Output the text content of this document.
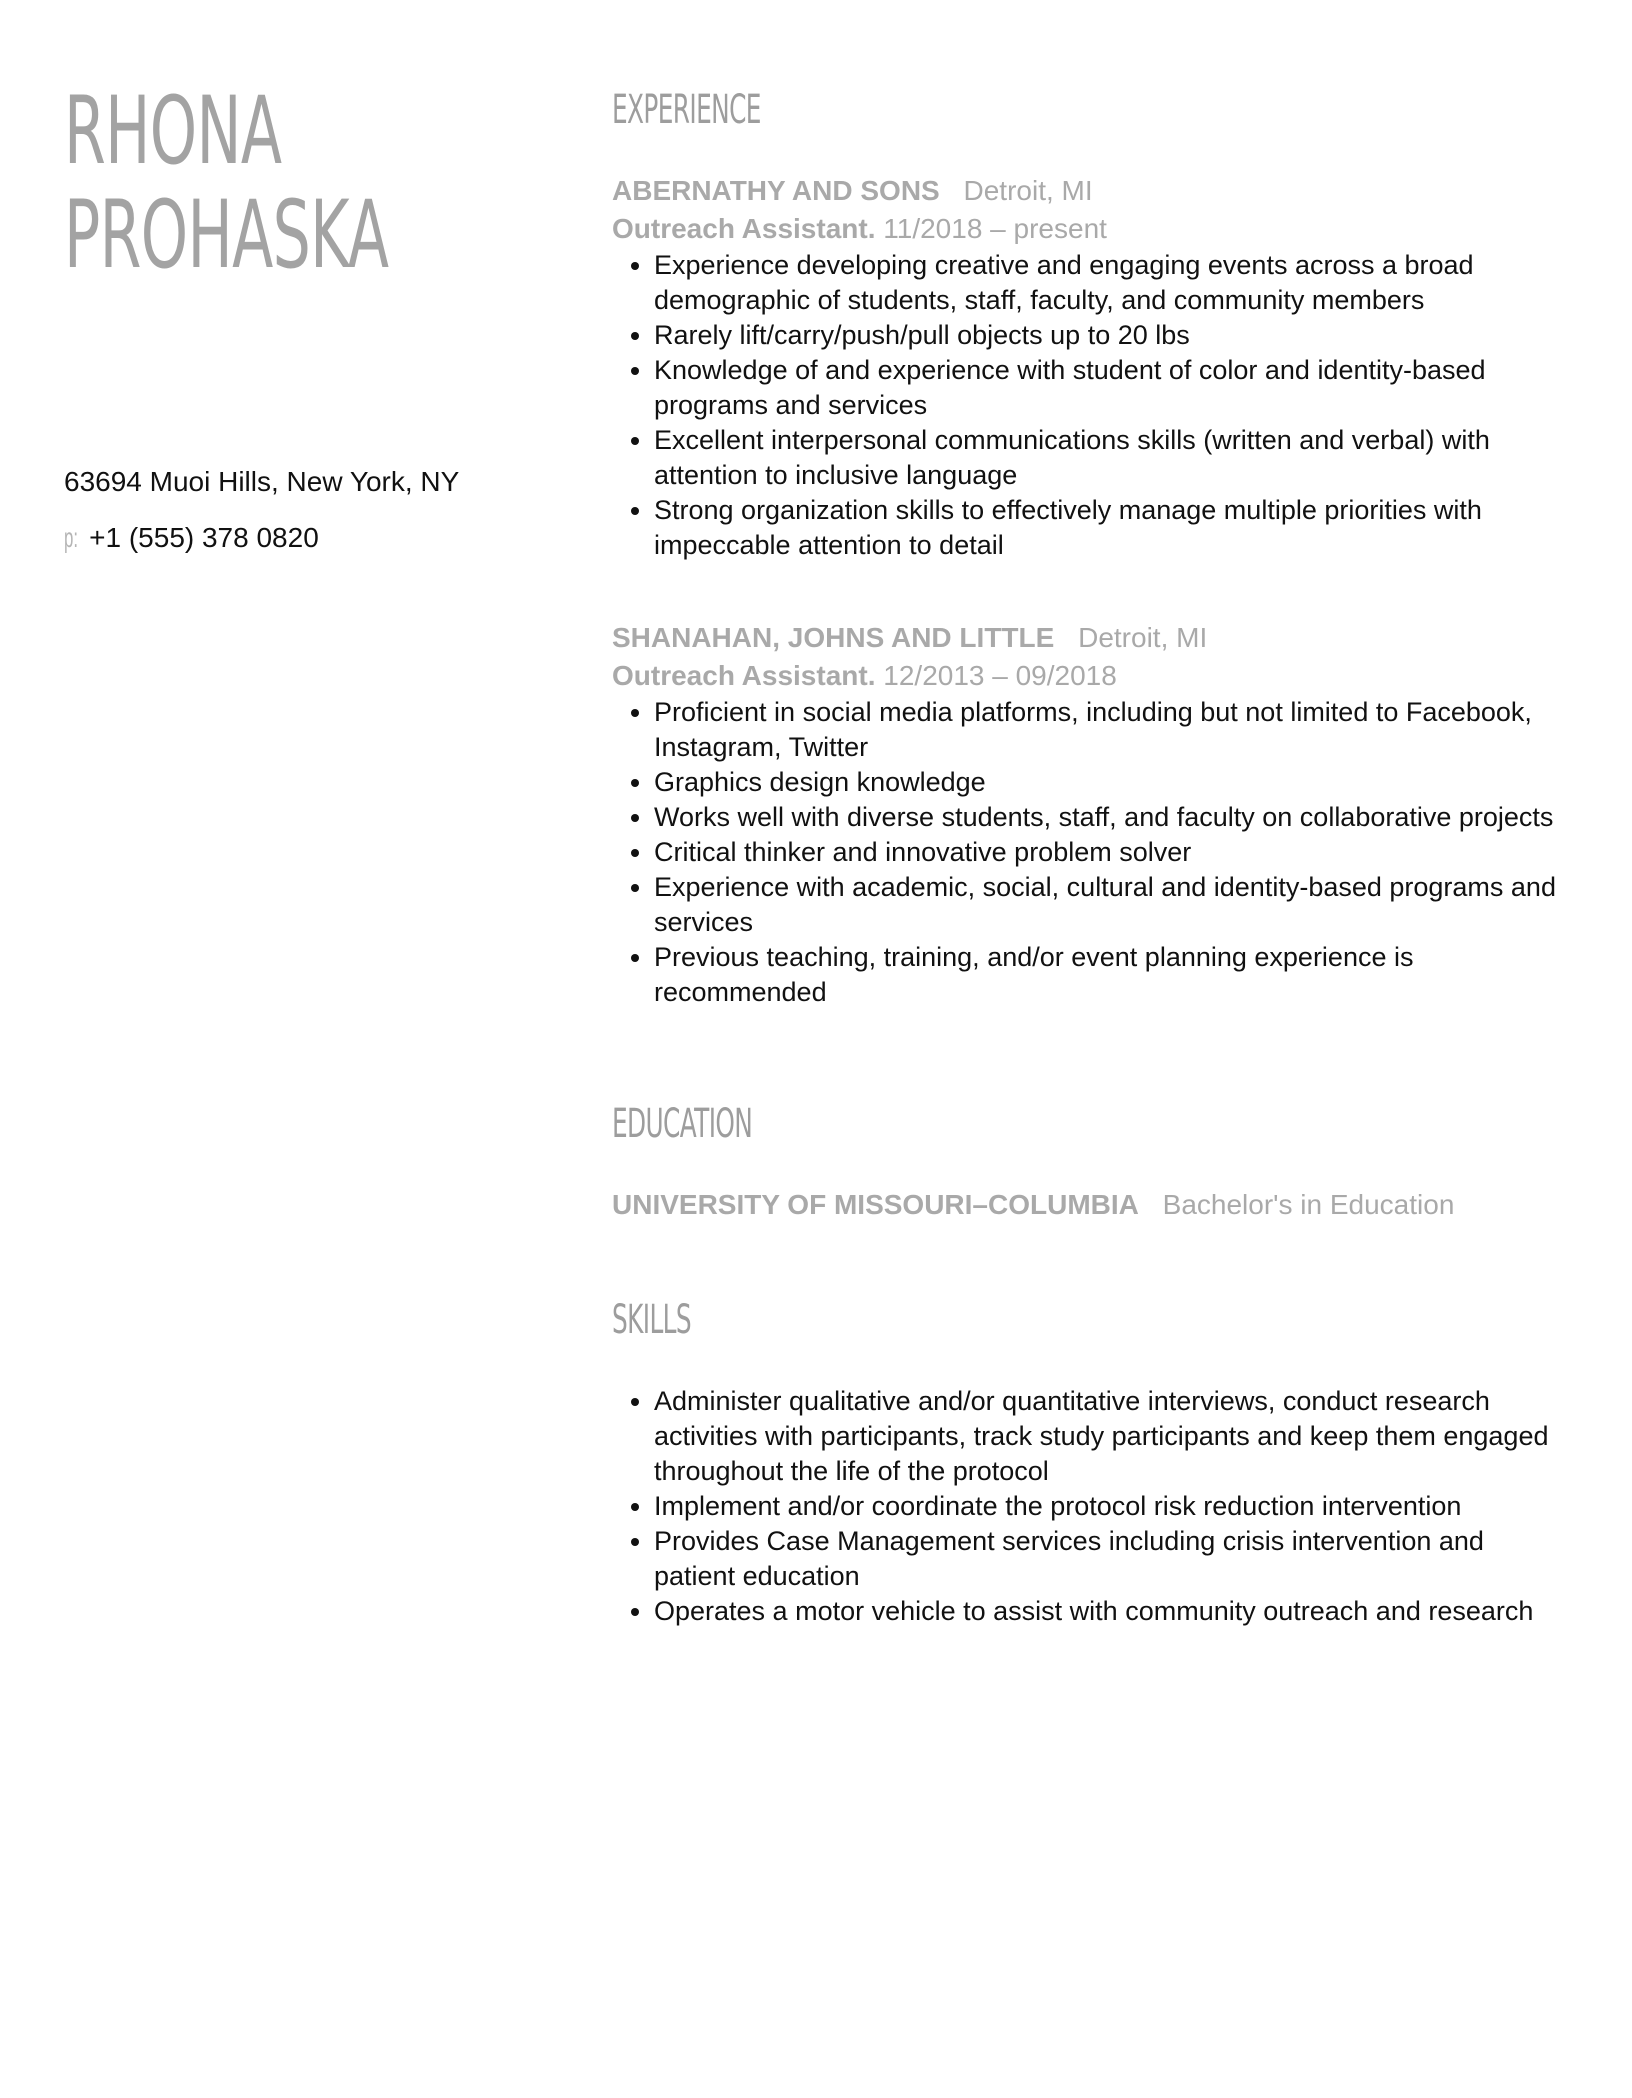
RHONA
PROHASKA

63694 Muoi Hills, New York, NY

p: +1 (555) 378 0820

EXPERIENCE
ABERNATHY AND SONS Detroit, MI
Outreach Assistant. 11/2018 – present
• Experience developing creative and engaging events across a broad demographic of students, staff, faculty, and community members
• Rarely lift/carry/push/pull objects up to 20 lbs
• Knowledge of and experience with student of color and identity-based programs and services
• Excellent interpersonal communications skills (written and verbal) with attention to inclusive language
• Strong organization skills to effectively manage multiple priorities with impeccable attention to detail
SHANAHAN, JOHNS AND LITTLE Detroit, MI
Outreach Assistant. 12/2013 – 09/2018
• Proficient in social media platforms, including but not limited to Facebook, Instagram, Twitter
• Graphics design knowledge
• Works well with diverse students, staff, and faculty on collaborative projects
• Critical thinker and innovative problem solver
• Experience with academic, social, cultural and identity-based programs and services
• Previous teaching, training, and/or event planning experience is recommended
EDUCATION
UNIVERSITY OF MISSOURI–COLUMBIA Bachelor's in Education
SKILLS
• Administer qualitative and/or quantitative interviews, conduct research activities with participants, track study participants and keep them engaged throughout the life of the protocol
• Implement and/or coordinate the protocol risk reduction intervention
• Provides Case Management services including crisis intervention and patient education
• Operates a motor vehicle to assist with community outreach and research
